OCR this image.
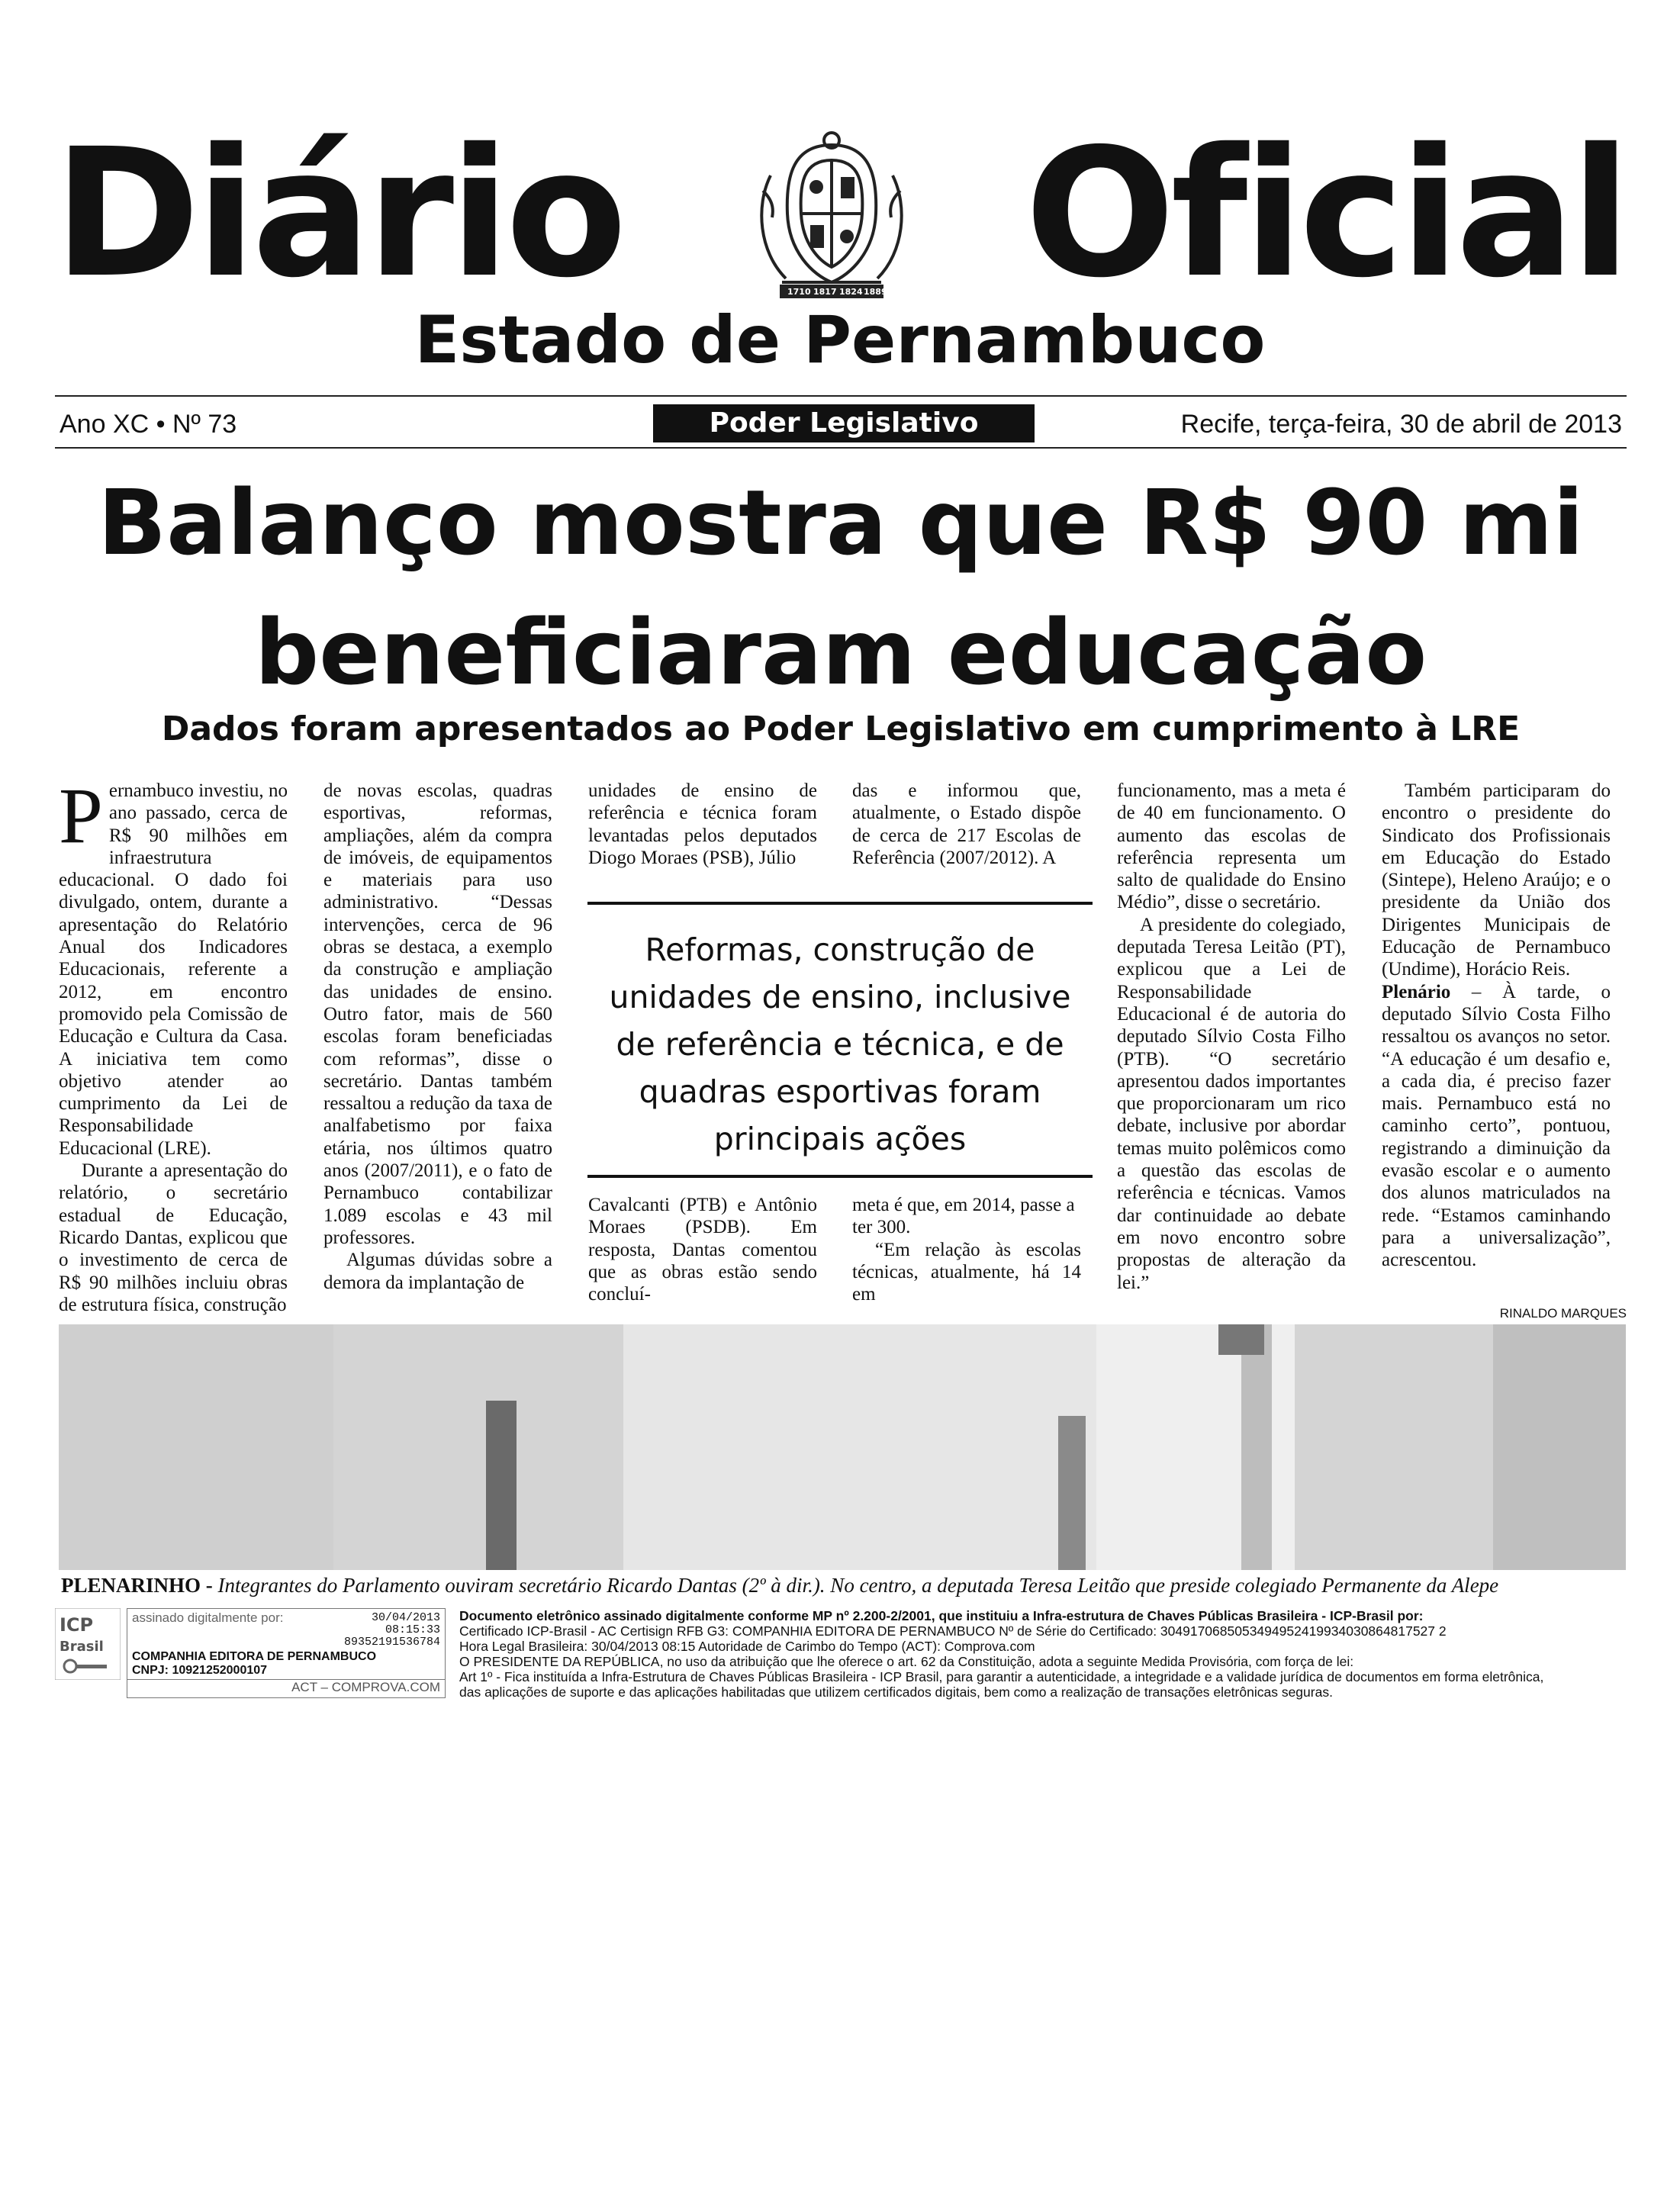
Diário	1710 1817 1824 1889 Oficial
Estado de Pernambuco
Ano XC • Nº 73	Poder Legislativo	Recife, terça-feira, 30 de abril de 2013
Balanço mostra que R$ 90 mi
beneficiaram educação
Dados foram apresentados ao Poder Legislativo em cumprimento à LRE

Pernambuco investiu, no ano passado, cerca de R$ 90 milhões em infraestrutura educacional. O dado foi divulgado, ontem, durante a apresentação do Relatório Anual dos Indicadores Educacionais, referente a 2012, em encontro promovido pela Comissão de Educação e Cultura da Casa. A iniciativa tem como objetivo atender ao cumprimento da Lei de Responsabilidade Educacional (LRE).

Durante a apresentação do relatório, o secretário estadual de Educação, Ricardo Dantas, explicou que o investimento de cerca de R$ 90 milhões incluiu obras de estrutura física, construção

de novas escolas, quadras esportivas, reformas, ampliações, além da compra de imóveis, de equipamentos e materiais para uso administrativo. “Dessas intervenções, cerca de 96 obras se destaca, a exemplo da construção e ampliação das unidades de ensino. Outro fator, mais de 560 escolas foram beneficiadas com reformas”, disse o secretário. Dantas também ressaltou a redução da taxa de analfabetismo por faixa etária, nos últimos quatro anos (2007/2011), e o fato de Pernambuco contabilizar 1.089 escolas e 43 mil professores.

Algumas dúvidas sobre a demora da implantação de

unidades de ensino de referência e técnica foram levantadas pelos deputados Diogo Moraes (PSB), Júlio

das e informou que, atualmente, o Estado dispõe de cerca de 217 Escolas de Referência (2007/2012). A

Reformas, construção de unidades de ensino, inclusive de referência e técnica, e de quadras esportivas foram principais ações

Cavalcanti (PTB) e Antônio Moraes (PSDB). Em resposta, Dantas comentou que as obras estão sendo concluí-

meta é que, em 2014, passe a ter 300.

“Em relação às escolas técnicas, atualmente, há 14 em

funcionamento, mas a meta é de 40 em funcionamento. O aumento das escolas de referência representa um salto de qualidade do Ensino Médio”, disse o secretário.

A presidente do colegiado, deputada Teresa Leitão (PT), explicou que a Lei de Responsabilidade Educacional é de autoria do deputado Sílvio Costa Filho (PTB). “O secretário apresentou dados importantes que proporcionaram um rico debate, inclusive por abordar temas muito polêmicos como a questão das escolas de referência e técnicas. Vamos dar continuidade ao debate em novo encontro sobre propostas de alteração da lei.”

Também participaram do encontro o presidente do Sindicato dos Profissionais em Educação do Estado (Sintepe), Heleno Araújo; e o presidente da União dos Dirigentes Municipais de Educação de Pernambuco (Undime), Horácio Reis.

Plenário – À tarde, o deputado Sílvio Costa Filho ressaltou os avanços no setor. “A educação é um desafio e, a cada dia, é preciso fazer mais. Pernambuco está no caminho certo”, pontuou, registrando a diminuição da evasão escolar e o aumento dos alunos matriculados na rede. “Estamos caminhando para a universalização”, acrescentou.

RINALDO MARQUES
PLENARINHO - Integrantes do Parlamento ouviram secretário Ricardo Dantas (2º à dir.). No centro, a deputada Teresa Leitão que preside colegiado Permanente da Alepe
ICP
Brasil
assinado digitalmente por:	30/04/2013
08:15:33
89352191536784
COMPANHIA EDITORA DE PERNAMBUCO
CNPJ: 10921252000107
ACT – COMPROVA.COM

Documento eletrônico assinado digitalmente conforme MP nº 2.200-2/2001, que instituiu a Infra-estrutura de Chaves Públicas Brasileira - ICP-Brasil por:

Certificado ICP-Brasil - AC Certisign RFB G3: COMPANHIA EDITORA DE PERNAMBUCO Nº de Série do Certificado: 3049170685053494952419934030864817527 2

Hora Legal Brasileira: 30/04/2013 08:15 Autoridade de Carimbo do Tempo (ACT): Comprova.com

O PRESIDENTE DA REPÚBLICA, no uso da atribuição que lhe oferece o art. 62 da Constituição, adota a seguinte Medida Provisória, com força de lei:

Art 1º - Fica instituída a Infra-Estrutura de Chaves Públicas Brasileira - ICP Brasil, para garantir a autenticidade, a integridade e a validade jurídica de documentos em forma eletrônica,

das aplicações de suporte e das aplicações habilitadas que utilizem certificados digitais, bem como a realização de transações eletrônicas seguras.
